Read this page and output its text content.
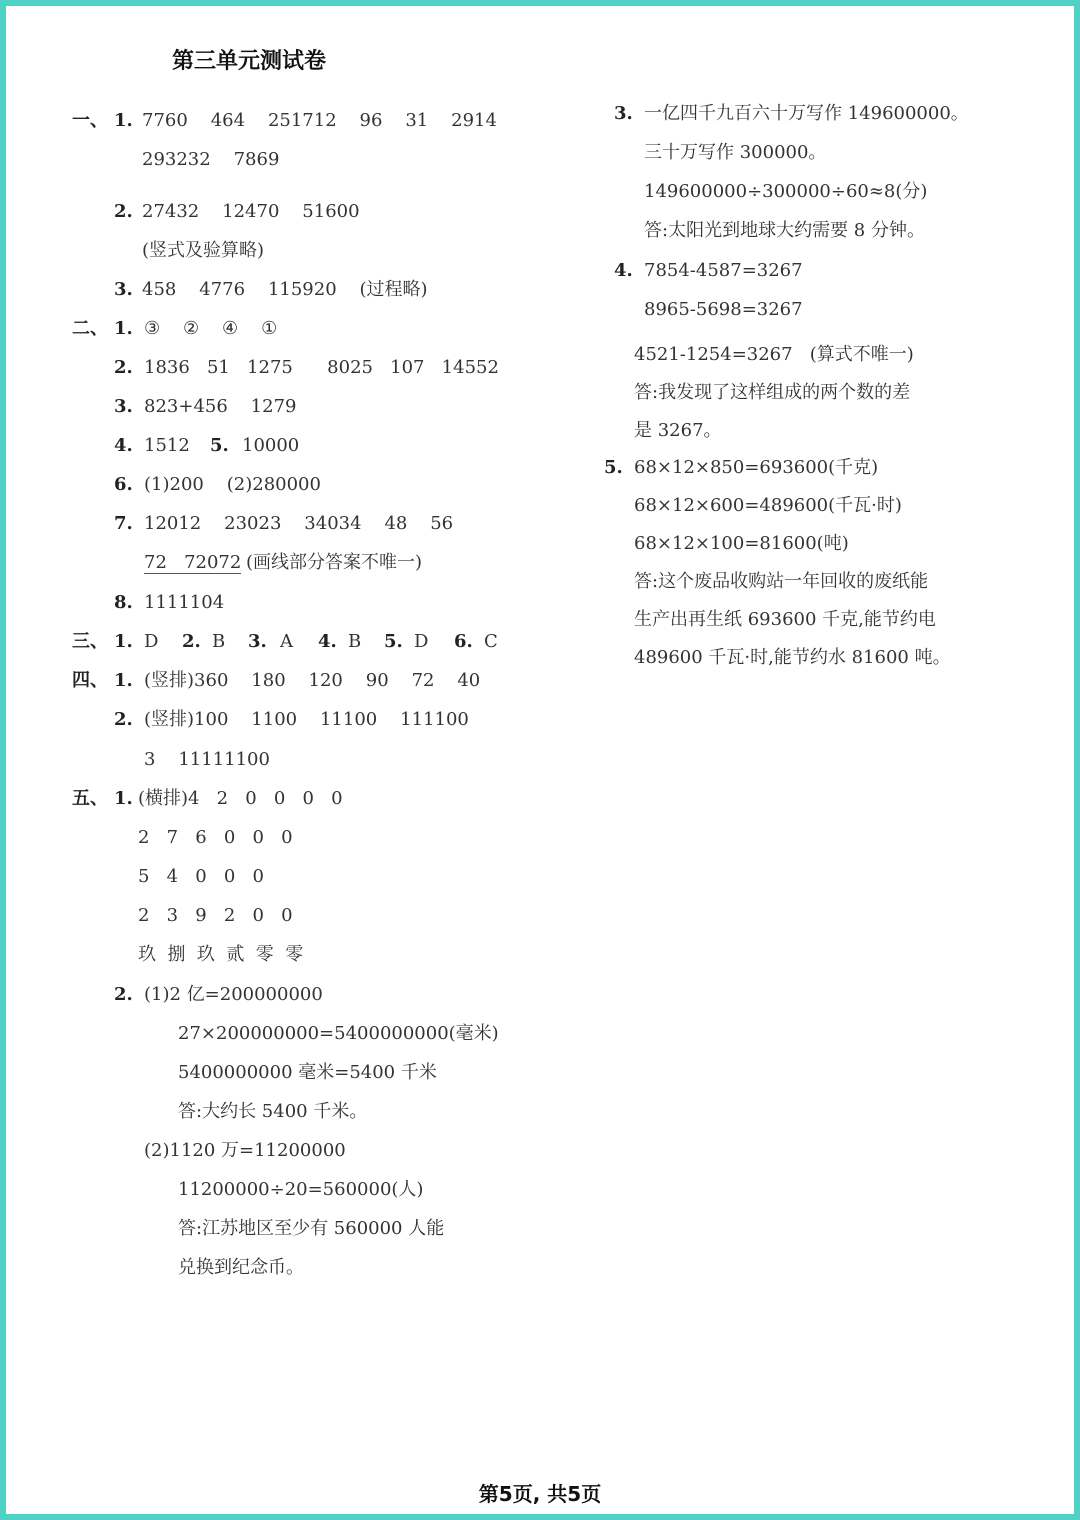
第三单元测试卷
一、 1. 7760    464    251712    96    31    2914
293232    7869
2. 27432    12470    51600
(竖式及验算略)
3. 458    4776    115920    (过程略)
二、 1. ③    ②    ④    ①
2. 1836   51   1275      8025   107   14552
3. 823+456    1279
4. 1512 5. 10000
6. (1)200    (2)280000
7. 12012    23023    34034    48    56
72   72072 (画线部分答案不唯一)
8. 1111104
三、 1. D 2. B 3. A 4. B 5. D 6. C
四、 1. (竖排)360    180    120    90    72    40
2. (竖排)100    1100    11100    111100
3    11111100
五、 1. (横排)4   2   0   0   0   0
2   7   6   0   0   0
5   4   0   0   0
2   3   9   2   0   0
玖  捌  玖  贰  零  零
2. (1)2 亿=200000000
27×200000000=5400000000(毫米)
5400000000 毫米=5400 千米
答:大约长 5400 千米。
(2)1120 万=11200000
11200000÷20=560000(人)
答:江苏地区至少有 560000 人能
兑换到纪念币。
3. 一亿四千九百六十万写作 149600000。
三十万写作 300000。
149600000÷300000÷60≈8(分)
答:太阳光到地球大约需要 8 分钟。
4. 7854-4587=3267
8965-5698=3267
4521-1254=3267   (算式不唯一)
答:我发现了这样组成的两个数的差
是 3267。
5. 68×12×850=693600(千克)
68×12×600=489600(千瓦·时)
68×12×100=81600(吨)
答:这个废品收购站一年回收的废纸能
生产出再生纸 693600 千克,能节约电
489600 千瓦·时,能节约水 81600 吨。
第5页, 共5页
